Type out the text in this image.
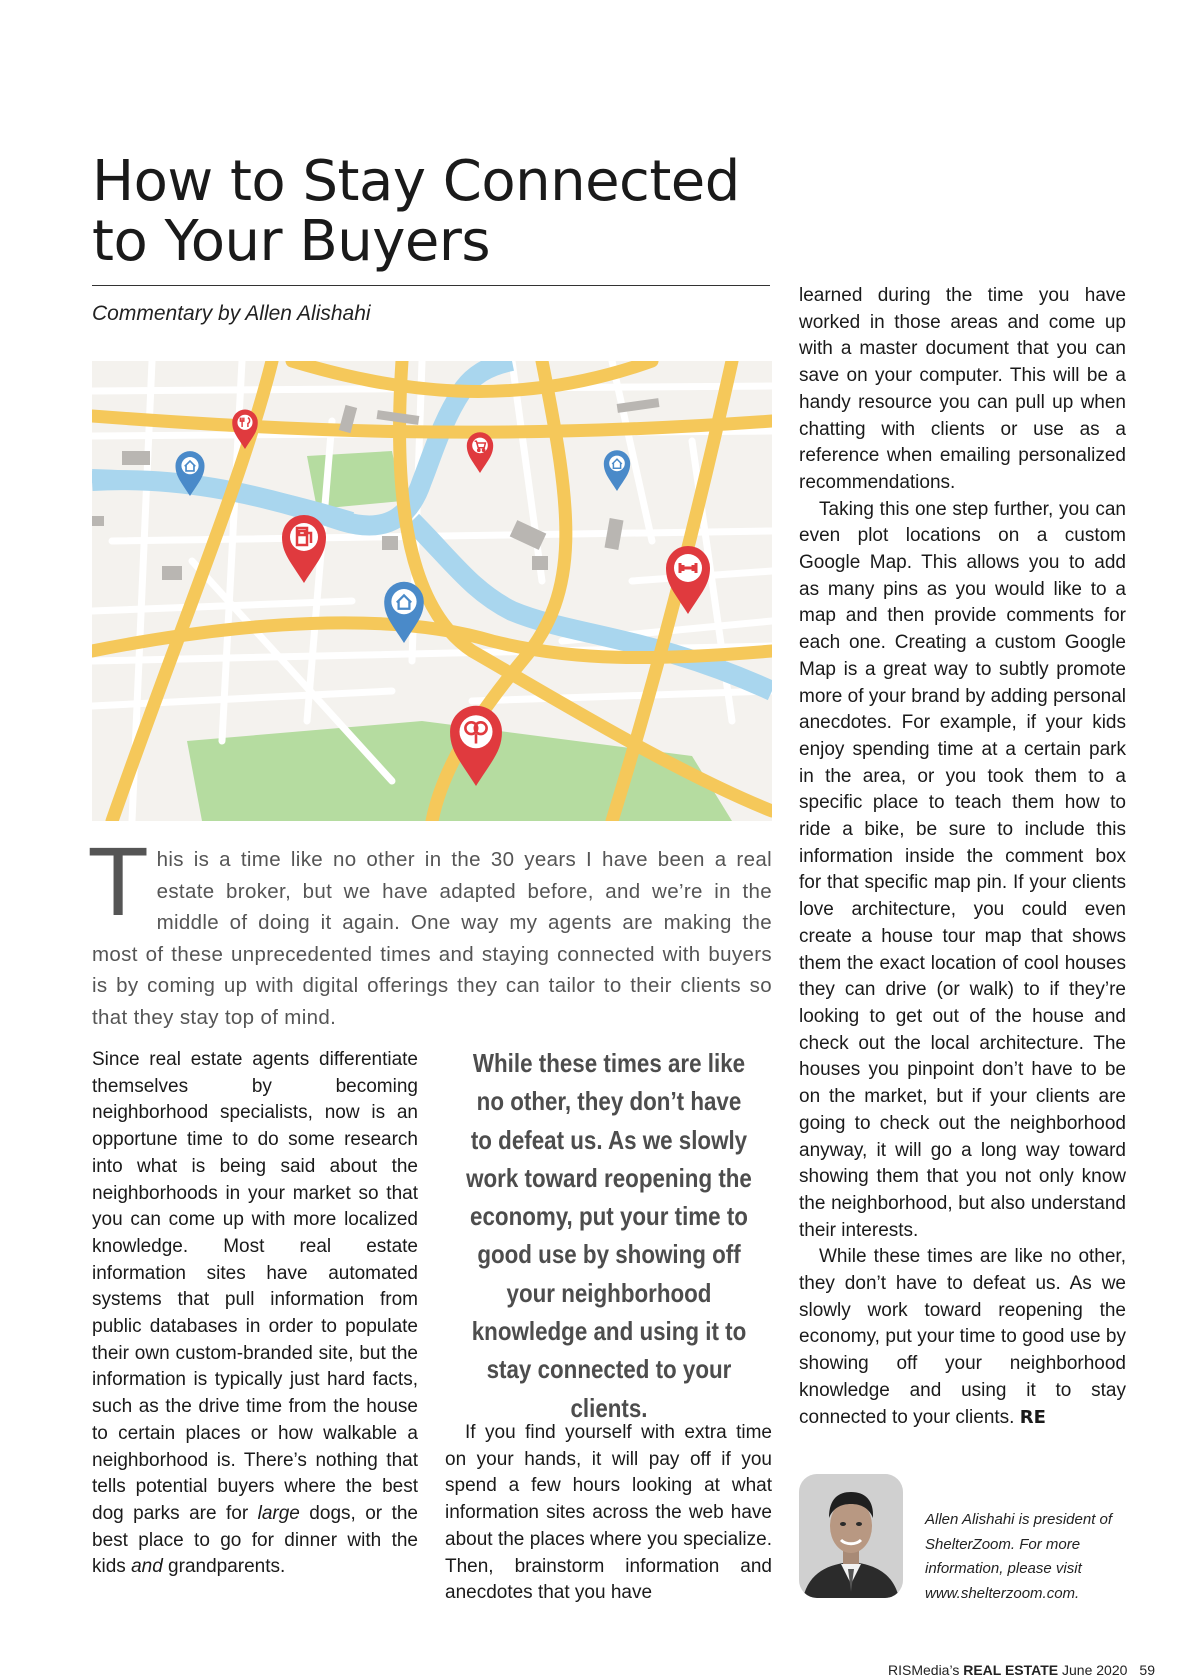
How to Stay Connected
to Your Buyers

Commentary by Allen Alishahi

This is a time like no other in the 30 years I have been a real estate broker, but we have adapted before, and we’re in the middle of doing it again. One way my agents are making the most of these unprecedented times and staying connected with buyers is by coming up with digital offerings they can tailor to their clients so that they stay top of mind.

Since real estate agents differentiate themselves by becoming neighborhood specialists, now is an opportune time to do some research into what is being said about the neighborhoods in your market so that you can come up with more localized knowledge. Most real estate information sites have automated systems that pull information from public databases in order to populate their own custom-branded site, but the information is typically just hard facts, such as the drive time from the house to certain places or how walkable a neighborhood is. There’s nothing that tells potential buyers where the best dog parks are for large dogs, or the best place to go for dinner with the kids and grandparents.

While these times are like no other, they don’t have to defeat us. As we slowly work toward reopening the economy, put your time to good use by showing off your neighborhood knowledge and using it to stay connected to your clients.

If you find yourself with extra time on your hands, it will pay off if you spend a few hours looking at what information sites across the web have about the places where you specialize. Then, brainstorm information and anecdotes that you have

learned during the time you have worked in those areas and come up with a master document that you can save on your computer. This will be a handy resource you can pull up when chatting with clients or use as a reference when emailing personalized recommendations.

Taking this one step further, you can even plot locations on a custom Google Map. This allows you to add as many pins as you would like to a map and then provide comments for each one. Creating a custom Google Map is a great way to subtly promote more of your brand by adding personal anecdotes. For example, if your kids enjoy spending time at a certain park in the area, or you took them to a specific place to teach them how to ride a bike, be sure to include this information inside the comment box for that specific map pin. If your clients love architecture, you could even create a house tour map that shows them the exact location of cool houses they can drive (or walk) to if they’re looking to get out of the house and check out the local architecture. The houses you pinpoint don’t have to be on the market, but if your clients are going to check out the neighborhood anyway, it will go a long way toward showing them that you not only know the neighborhood, but also understand their interests.

While these times are like no other, they don’t have to defeat us. As we slowly work toward reopening the economy, put your time to good use by showing off your neighborhood knowledge and using it to stay connected to your clients. RE

Allen Alishahi is president of ShelterZoom. For more information, please visit www.shelterzoom.com.

RISMedia’s REAL ESTATE June 2020 59
